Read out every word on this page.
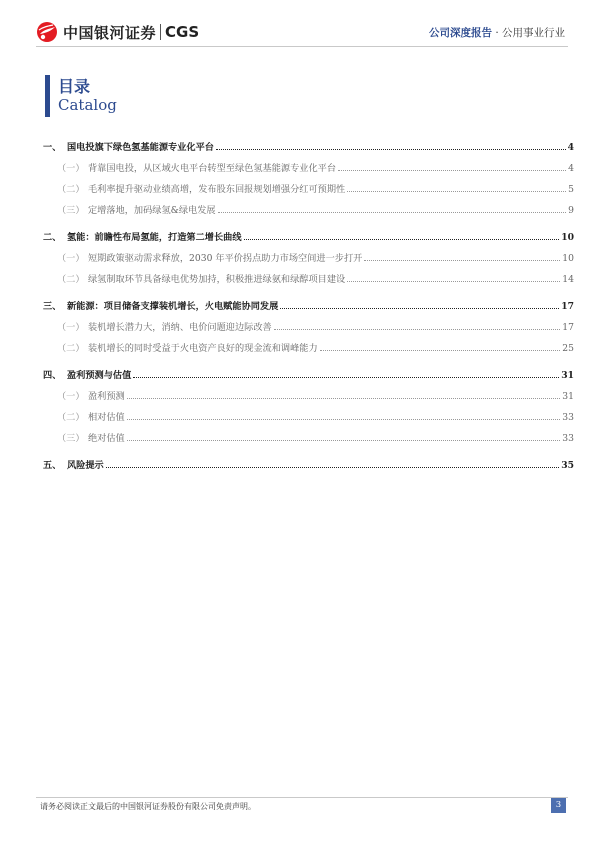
中国银河证券 CGS	公司深度报告 · 公用事业行业
目录
Catalog
一、 国电投旗下绿色氢基能源专业化平台	4
（一） 背靠国电投，从区域火电平台转型至绿色氢基能源专业化平台	4
（二） 毛利率提升驱动业绩高增，发布股东回报规划增强分红可预期性	5
（三） 定增落地，加码绿氢&绿电发展	9
二、 氢能：前瞻性布局氢能，打造第二增长曲线	10
（一） 短期政策驱动需求释放，2030 年平价拐点助力市场空间进一步打开	10
（二） 绿氢制取环节具备绿电优势加持，积极推进绿氨和绿醇项目建设	14
三、 新能源：项目储备支撑装机增长，火电赋能协同发展	17
（一） 装机增长潜力大，消纳、电价问题迎边际改善	17
（二） 装机增长的同时受益于火电资产良好的现金流和调峰能力	25
四、 盈利预测与估值	31
（一） 盈利预测	31
（二） 相对估值	33
（三） 绝对估值	33
五、 风险提示	35
请务必阅读正文最后的中国银河证券股份有限公司免责声明。	3
